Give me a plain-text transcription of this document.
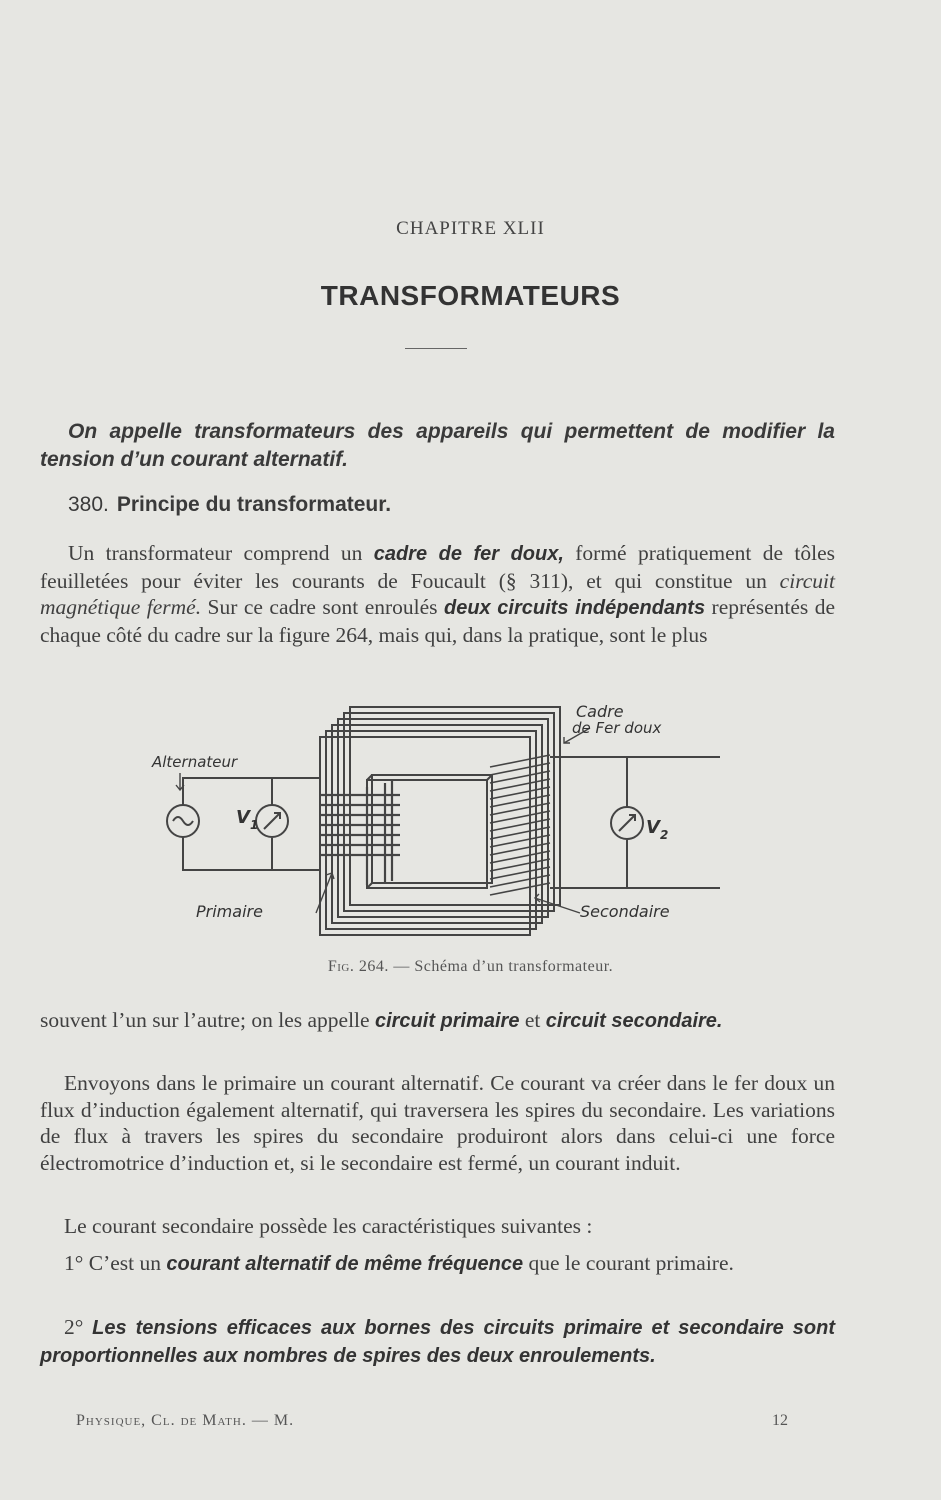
CHAPITRE XLII
TRANSFORMATEURS
On appelle transformateurs des appareils qui permettent de modifier la tension d’un courant alternatif.
380. Principe du transformateur.
Un transformateur comprend un cadre de fer doux, formé pratiquement de tôles feuilletées pour éviter les courants de Foucault (§ 311), et qui constitue un circuit magnétique fermé. Sur ce cadre sont enroulés deux circuits indépendants représentés de chaque côté du cadre sur la figure 264, mais qui, dans la pratique, sont le plus
Cadre
de Fer doux
Alternateur
V 1	V 2
Primaire	Secondaire
Fig. 264. — Schéma d’un transformateur.
souvent l’un sur l’autre; on les appelle circuit primaire et circuit secondaire.
Envoyons dans le primaire un courant alternatif. Ce courant va créer dans le fer doux un flux d’induction également alternatif, qui traversera les spires du secondaire. Les variations de flux à travers les spires du secondaire produiront alors dans celui-ci une force électromotrice d’induction et, si le secondaire est fermé, un courant induit.
Le courant secondaire possède les caractéristiques suivantes :
1° C’est un courant alternatif de même fréquence que le courant primaire.
2° Les tensions efficaces aux bornes des circuits primaire et secondaire sont proportionnelles aux nombres de spires des deux enroulements.
Physique, Cl. de Math. — M.	12
